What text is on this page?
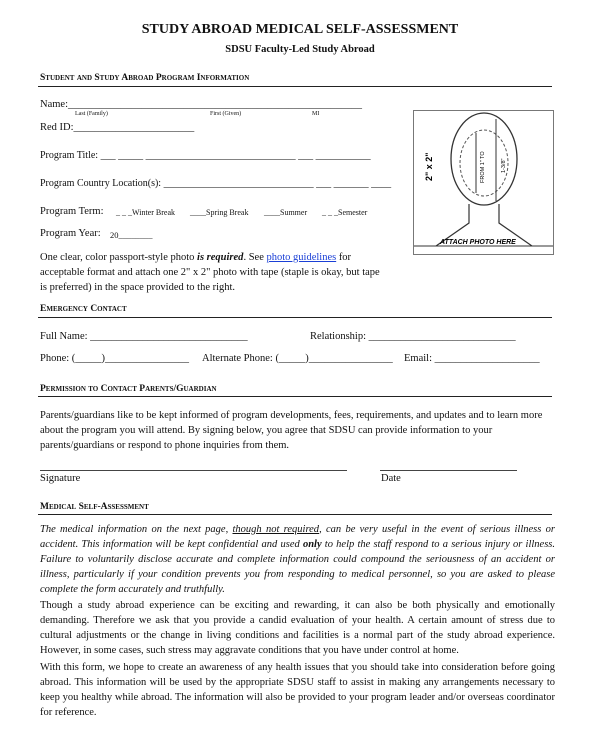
STUDY ABROAD MEDICAL SELF-ASSESSMENT
SDSU Faculty-Led Study Abroad
Student and Study Abroad Program Information
Name:________________________________________________________
Last (Family)	First (Given)	MI
Red ID:_______________________
Program Title: ___ _____ ______________________________ ___ ___________
Program Country Location(s): ______________________________ ___ _______ ____
Program Term: _ _ _Winter Break ____Spring Break ____Summer _ _ _Semester
Program Year: 20________
One clear, color passport-style photo is required. See photo guidelines for acceptable format and attach one 2" x 2" photo with tape (staple is okay, but tape is preferred) in the space provided to the right.
2" x 2"	FROM 1" TO	1-3/8"
ATTACH PHOTO HERE
Emergency Contact
Full Name: ______________________________	Relationship: ____________________________
Phone: (_____)________________ Alternate Phone: (_____)________________ Email: ____________________
Permission to Contact Parents/Guardian
Parents/guardians like to be kept informed of program developments, fees, requirements, and updates and to learn more about the program you will attend. By signing below, you agree that SDSU can provide information to your parents/guardians or respond to phone inquiries from them.
Signature	Date
Medical Self-Assessment
The medical information on the next page, though not required, can be very useful in the event of serious illness or accident. This information will be kept confidential and used only to help the staff respond to a serious injury or illness. Failure to voluntarily disclose accurate and complete information could compound the seriousness of an accident or illness, particularly if your condition prevents you from responding to medical personnel, so you are asked to please complete the form accurately and truthfully.
Though a study abroad experience can be exciting and rewarding, it can also be both physically and emotionally demanding. Therefore we ask that you provide a candid evaluation of your health. A certain amount of stress due to cultural adjustments or the change in living conditions and facilities is a normal part of the study abroad experience. However, in some cases, such stress may aggravate conditions that you have under control at home.
With this form, we hope to create an awareness of any health issues that you should take into consideration before going abroad. This information will be used by the appropriate SDSU staff to assist in making any arrangements necessary to keep you healthy while abroad. The information will also be provided to your program leader and/or overseas coordinator for reference.
